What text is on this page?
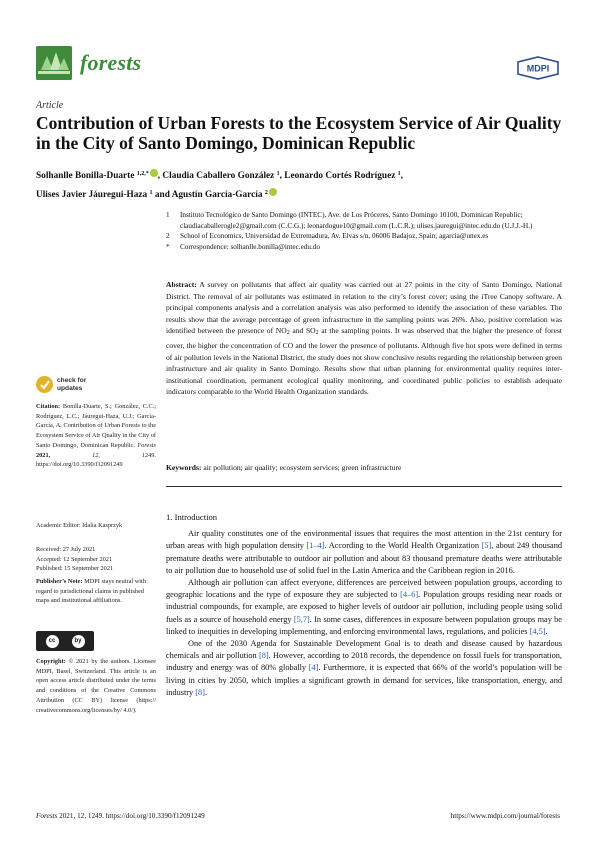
forests	MDPI
Article
Contribution of Urban Forests to the Ecosystem Service of Air Quality in the City of Santo Domingo, Dominican Republic
Solhanlle Bonilla-Duarte $^{1,2,*}$ , Claudia Caballero González $^1$, Leonardo Cortés Rodríguez $^1$,
Ulises Javier Jáuregui-Haza $^1$ and Agustín García-García $^2$
1	Instituto Tecnológico de Santo Domingo (INTEC), Ave. de Los Próceres, Santo Domingo 10100, Dominican Republic; claudiacaballerogle2@gmail.com (C.C.G.); leonardogue10@gmail.com (L.C.R.); ulises.jauregui@intec.edu.do (U.J.J.-H.)
2	School of Economics, Universidad de Extremadura, Av. Elvas s/n, 06006 Badajoz, Spain; agarcia@unex.es
*	Correspondence: solhanlle.bonilla@intec.edu.do
Abstract: A survey on pollutants that affect air quality was carried out at 27 points in the city of Santo Domingo, National District. The removal of air pollutants was estimated in relation to the city’s forest cover; using the iTree Canopy software. A principal components analysis and a correlation analysis was also performed to identify the association of these variables. The results show that the average percentage of green infrastructure in the sampling points was 26%. Also, positive correlation was identified between the presence of $NO_2$ and $SO_2$ at the sampling points. It was observed that the higher the presence of forest cover, the higher the concentration of CO and the lower the presence of pollutants. Although five hot spots were defined in terms of air pollution levels in the National District, the study does not show conclusive results regarding the relationship between green infrastructure and air quality in Santo Domingo. Results show that urban planning for environmental quality requires inter-institutional coordination, permanent ecological quality monitoring, and coordinated public policies to establish adequate indicators comparable to the World Health Organization standards.
Keywords: air pollution; air quality; ecosystem services; green infrastructure
1. Introduction

Air quality constitutes one of the environmental issues that requires the most attention in the 21st century for urban areas with high population density [1–4]. According to the World Health Organization [5], about 249 thousand premature deaths were attributable to outdoor air pollution and about 83 thousand premature deaths were attributable to air pollution due to household use of solid fuel in the Latin America and the Caribbean region in 2016.

Although air pollution can affect everyone, differences are perceived between population groups, according to geographic locations and the type of exposure they are subjected to [4–6]. Population groups residing near roads or industrial compounds, for example, are exposed to higher levels of outdoor air pollution, including people using solid fuels as a source of household energy [5,7]. In some cases, differences in exposure between population groups may be linked to inequities in developing implementing, and enforcing environmental laws, regulations, and policies [4,5].

One of the 2030 Agenda for Sustainable Development Goal is to death and disease caused by hazardous chemicals and air pollution [8]. However, according to 2018 records, the dependence on fossil fuels for transportation, industry and energy was of 80% globally [4]. Furthermore, it is expected that 66% of the world’s population will be living in cities by 2050, which implies a significant growth in demand for services, like transportation, energy, and industry [8].

check for
updates
Citation: Bonilla-Duarte, S.; González, C.C.; Rodríguez, L.C.; Jáuregui-Haza, U.J.; García-García, A. Contribution of Urban Forests to the Ecosystem Service of Air Quality in the City of Santo Domingo, Dominican Republic. Forests 2021, 12, 1249. https://doi.org/10.3390/f12091249
Academic Editor: Idalia Kasprzyk
Received: 27 July 2021
Accepted: 12 September 2021
Published: 15 September 2021
Publisher’s Note: MDPI stays neutral with regard to jurisdictional claims in published maps and institutional affiliations.
cc	by
Copyright: © 2021 by the authors. Licensee MDPI, Basel, Switzerland. This article is an open access article distributed under the terms and conditions of the Creative Commons Attribution (CC BY) license (https:// creativecommons.org/licenses/by/ 4.0/).
Forests 2021, 12, 1249. https://doi.org/10.3390/f12091249	https://www.mdpi.com/journal/forests
